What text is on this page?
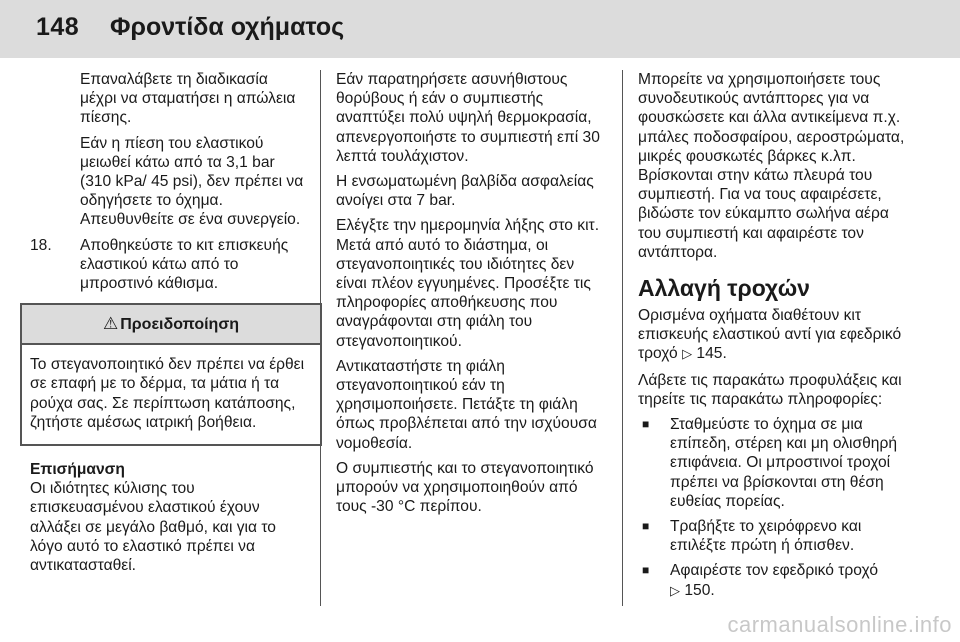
148 Φροντίδα οχήματος

Επαναλάβετε τη διαδικασία μέχρι να σταματήσει η απώλεια πίεσης.

Εάν η πίεση του ελαστικού μειωθεί κάτω από τα 3,1 bar (310 kPa/ 45 psi), δεν πρέπει να οδηγήσετε το όχημα. Απευθυνθείτε σε ένα συνεργείο.

18.	Αποθηκεύστε το κιτ επισκευής ελαστικού κάτω από το μπροστινό κάθισμα.
⚠ Προειδοποίηση
Το στεγανοποιητικό δεν πρέπει να έρθει σε επαφή με το δέρμα, τα μάτια ή τα ρούχα σας. Σε περίπτωση κατάποσης, ζητήστε αμέσως ιατρική βοήθεια.

Επισήμανση

Οι ιδιότητες κύλισης του επισκευασμένου ελαστικού έχουν αλλάξει σε μεγάλο βαθμό, και για το λόγο αυτό το ελαστικό πρέπει να αντικατασταθεί.

Εάν παρατηρήσετε ασυνήθιστους θορύβους ή εάν ο συμπιεστής αναπτύξει πολύ υψηλή θερμοκρασία, απενεργοποιήστε το συμπιεστή επί 30 λεπτά τουλάχιστον.

Η ενσωματωμένη βαλβίδα ασφαλείας ανοίγει στα 7 bar.

Ελέγξτε την ημερομηνία λήξης στο κιτ. Μετά από αυτό το διάστημα, οι στεγανοποιητικές του ιδιότητες δεν είναι πλέον εγγυημένες. Προσέξτε τις πληροφορίες αποθήκευσης που αναγράφονται στη φιάλη του στεγανοποιητικού.

Αντικαταστήστε τη φιάλη στεγανοποιητικού εάν τη χρησιμοποιήσετε. Πετάξτε τη φιάλη όπως προβλέπεται από την ισχύουσα νομοθεσία.

Ο συμπιεστής και το στεγανοποιητικό μπορούν να χρησιμοποιηθούν από τους -30 °C περίπου.

Μπορείτε να χρησιμοποιήσετε τους συνοδευτικούς αντάπτορες για να φουσκώσετε και άλλα αντικείμενα π.χ. μπάλες ποδοσφαίρου, αεροστρώματα, μικρές φουσκωτές βάρκες κ.λπ. Βρίσκονται στην κάτω πλευρά του συμπιεστή. Για να τους αφαιρέσετε, βιδώστε τον εύκαμπτο σωλήνα αέρα του συμπιεστή και αφαιρέστε τον αντάπτορα.

Αλλαγή τροχών

Ορισμένα οχήματα διαθέτουν κιτ επισκευής ελαστικού αντί για εφεδρικό τροχό ▷ 145.

Λάβετε τις παρακάτω προφυλάξεις και τηρείτε τις παρακάτω πληροφορίες:

■	Σταθμεύστε το όχημα σε μια επίπεδη, στέρεη και μη ολισθηρή επιφάνεια. Οι μπροστινοί τροχοί πρέπει να βρίσκονται στη θέση ευθείας πορείας.
■	Τραβήξτε το χειρόφρενο και επιλέξτε πρώτη ή όπισθεν.
■	Αφαιρέστε τον εφεδρικό τροχό
▷ 150.
carmanualsonline.info
